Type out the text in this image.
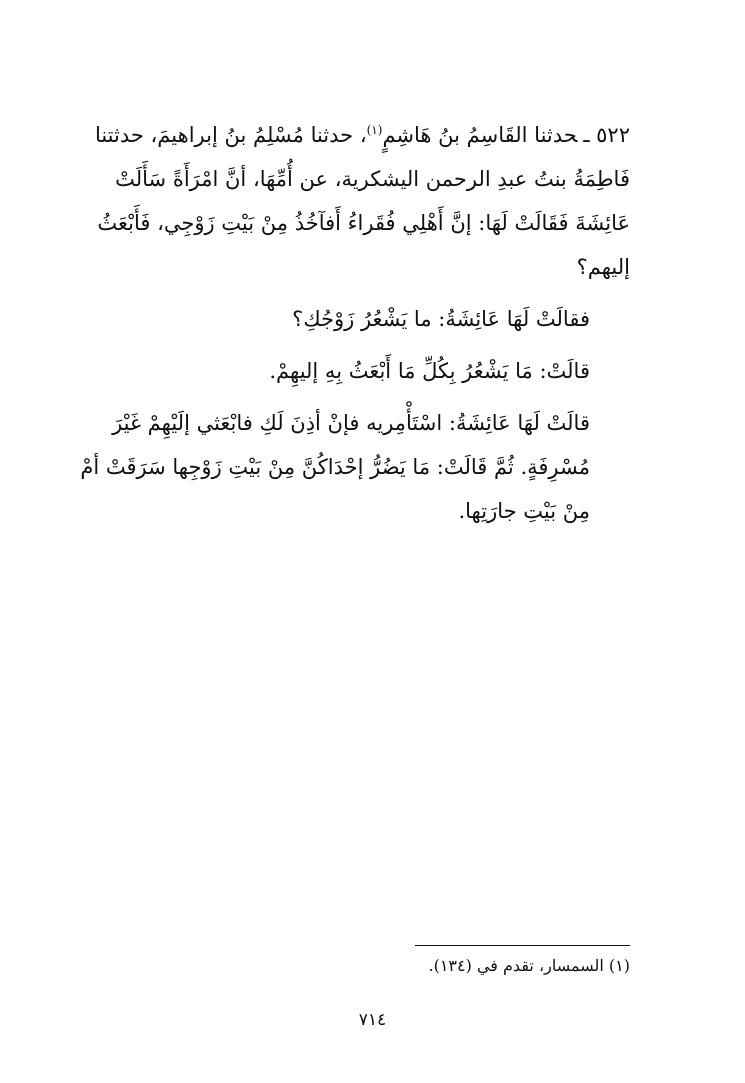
٥٢٢ ـحدثنا القَاسِمُ بنُ هَاشِمٍ$^{(١)}$، حدثنا مُسْلِمُ بنُ إبراهيمَ، حدثتنا فَاطِمَةُ بنتُ عبدِ الرحمن اليشكرية، عن أُمِّهَا، أنَّ امْرَأَةً سَأَلَتْ عَائِشَةَ فَقَالَتْ لَهَا: إنَّ أَهْلِي فُقَراءُ أَفآخُذُ مِنْ بَيْتِ زَوْجِي، فَأَبْعَثُ إليهم؟

فقالَتْ لَهَا عَائِشَةُ: ما يَشْعُرُ زَوْجُكِ؟

قالَتْ: مَا يَشْعُرُ بِكُلِّ مَا أَبْعَثُ بِهِ إليهِمْ.

قالَتْ لَهَا عَائِشَةُ: اسْتَأْمِريه فإنْ أذِنَ لَكِ فابْعَثي إلَيْهِمْ غَيْرَ مُسْرِفَةٍ. ثُمَّ قَالَتْ: مَا يَضُرُّ إحْدَاكُنَّ مِنْ بَيْتِ زَوْجِها سَرَقَتْ أمْ مِنْ بَيْتِ جارَتِها.

(١) السمسار، تقدم في (١٣٤).
٧١٤
